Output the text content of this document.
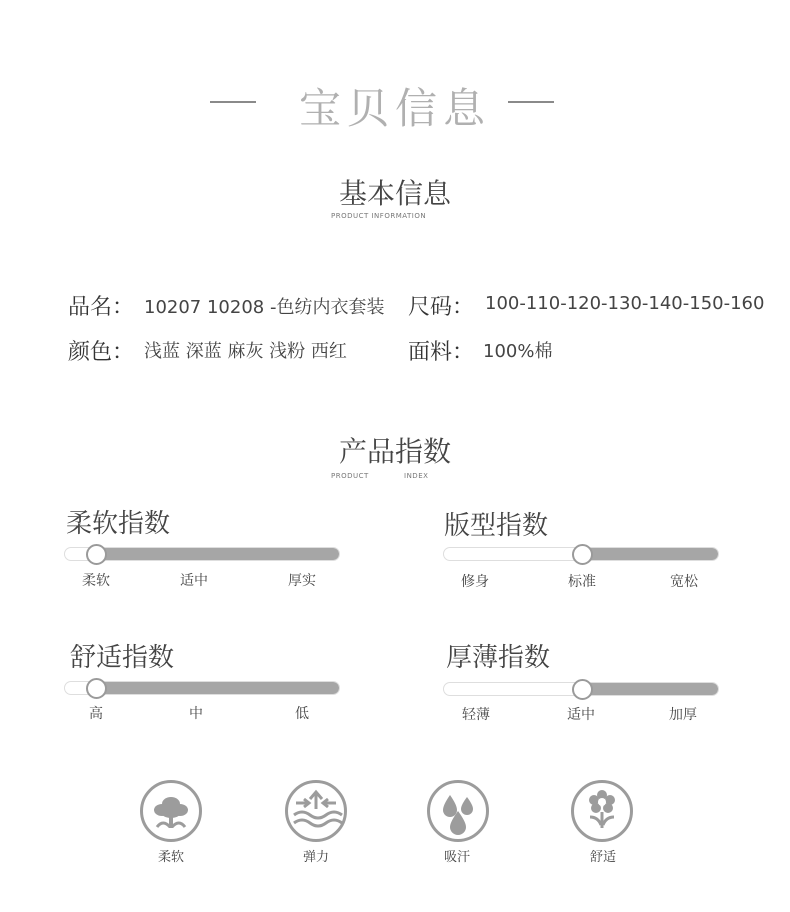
宝贝信息
基本信息
PRODUCT INFORMATION
品名： 10207 10208 -色纺内衣套装 尺码： 100-110-120-130-140-150-160
颜色： 浅蓝 深蓝 麻灰 浅粉 西红	面料： 100%棉
产品指数
PRODUCT	INDEX
柔软指数
柔软	适中	厚实
版型指数
修身	标准	宽松
舒适指数
高	中	低
厚薄指数
轻薄	适中	加厚
柔软	弹力	吸汗	舒适
